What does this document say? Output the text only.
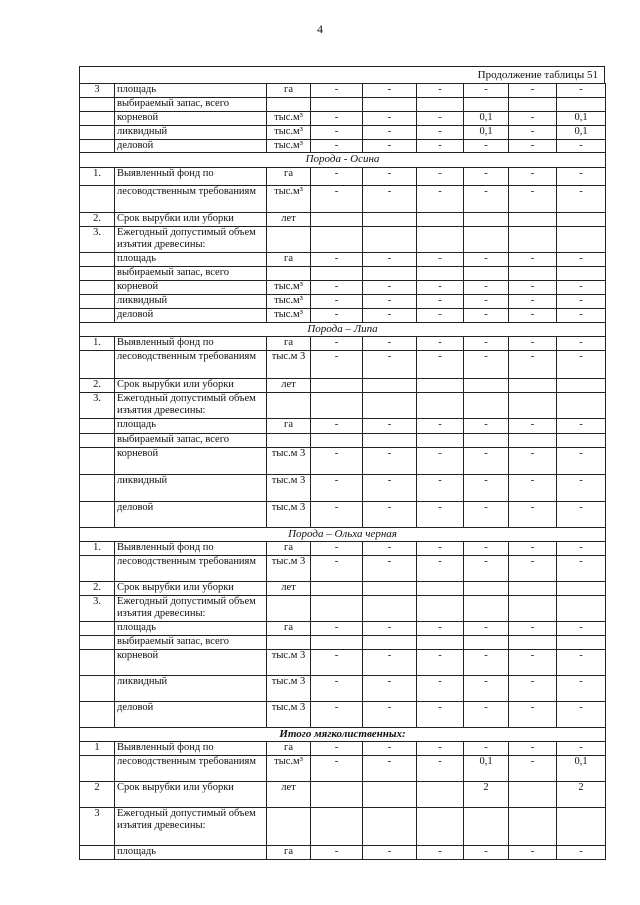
4
Продолжение таблицы 51
3	площадь	га	-	-	-	-	-	-
	выбираемый запас, всего							
	корневой	тыс.м³	-	-	-	0,1	-	0,1
	ликвидный	тыс.м³	-	-	-	0,1	-	0,1
	деловой	тыс.м³	-	-	-	-	-	-
Порода - Осина								
1.	Выявленный фонд по	га	-	-	-	-	-	-
	лесоводственным требованиям	тыс.м³	-	-	-	-	-	-
2.	Срок вырубки или уборки	лет						
3.	Ежегодный допустимый объем изъятия древесины:							
	площадь	га	-	-	-	-	-	-
	выбираемый запас, всего							
	корневой	тыс.м³	-	-	-	-	-	-
	ликвидный	тыс.м³	-	-	-	-	-	-
	деловой	тыс.м³	-	-	-	-	-	-
Порода – Липа								
1.	Выявленный фонд по	га	-	-	-	-	-	-
	лесоводственным требованиям	тыс.м 3	-	-	-	-	-	-
2.	Срок вырубки или уборки	лет						
3.	Ежегодный допустимый объем изъятия древесины:							
	площадь	га	-	-	-	-	-	-
	выбираемый запас, всего							
	корневой	тыс.м 3	-	-	-	-	-	-
	ликвидный	тыс.м 3	-	-	-	-	-	-
	деловой	тыс.м 3	-	-	-	-	-	-
Порода – Ольха черная								
1.	Выявленный фонд по	га	-	-	-	-	-	-
	лесоводственным требованиям	тыс.м 3	-	-	-	-	-	-
2.	Срок вырубки или уборки	лет						
3.	Ежегодный допустимый объем изъятия древесины:							
	площадь	га	-	-	-	-	-	-
	выбираемый запас, всего							
	корневой	тыс.м 3	-	-	-	-	-	-
	ликвидный	тыс.м 3	-	-	-	-	-	-
	деловой	тыс.м 3	-	-	-	-	-	-
Итого мягколиственных:								
1	Выявленный фонд по	га	-	-	-	-	-	-
	лесоводственным требованиям	тыс.м³	-	-	-	0,1	-	0,1
2	Срок вырубки или уборки	лет				2		2
3	Ежегодный допустимый объем изъятия древесины:							
	площадь	га	-	-	-	-	-	-
